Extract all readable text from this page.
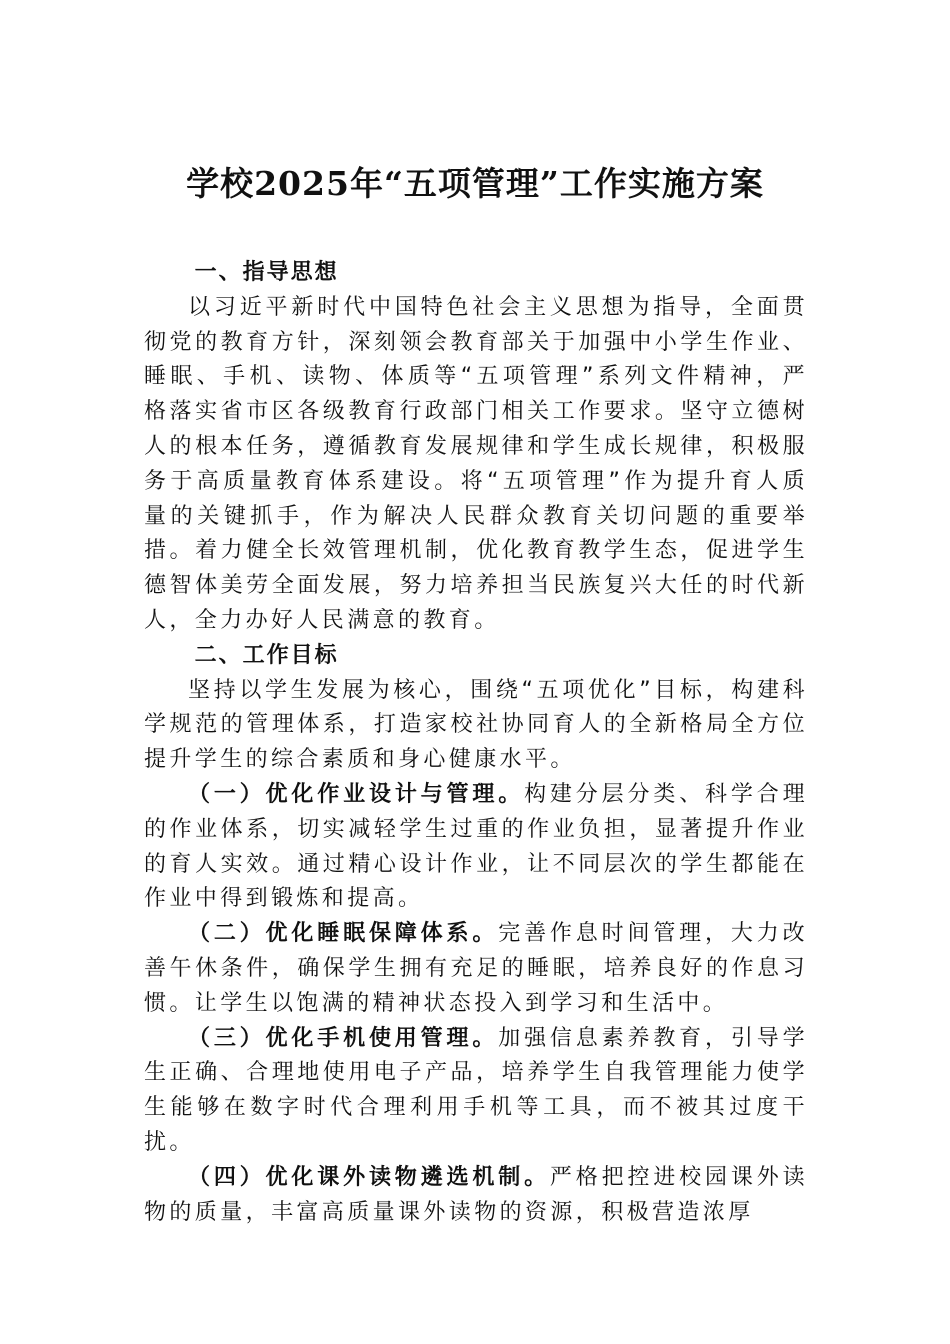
学校2025年“五项管理”工作实施方案

一、指导思想

以习近平新时代中国特色社会主义思想为指导，全面贯彻党的教育方针，深刻领会教育部关于加强中小学生作业、睡眠、手机、读物、体质等“五项管理”系列文件精神，严格落实省市区各级教育行政部门相关工作要求。坚守立德树人的根本任务，遵循教育发展规律和学生成长规律，积极服务于高质量教育体系建设。将“五项管理”作为提升育人质量的关键抓手，作为解决人民群众教育关切问题的重要举措。着力健全长效管理机制，优化教育教学生态，促进学生德智体美劳全面发展，努力培养担当民族复兴大任的时代新人，全力办好人民满意的教育。

二、工作目标

坚持以学生发展为核心，围绕“五项优化”目标，构建科学规范的管理体系，打造家校社协同育人的全新格局全方位提升学生的综合素质和身心健康水平。

（一）优化作业设计与管理。构建分层分类、科学合理的作业体系，切实减轻学生过重的作业负担，显著提升作业的育人实效。通过精心设计作业，让不同层次的学生都能在作业中得到锻炼和提高。

（二）优化睡眠保障体系。完善作息时间管理，大力改善午休条件，确保学生拥有充足的睡眠，培养良好的作息习惯。让学生以饱满的精神状态投入到学习和生活中。

（三）优化手机使用管理。加强信息素养教育，引导学生正确、合理地使用电子产品，培养学生自我管理能力使学生能够在数字时代合理利用手机等工具，而不被其过度干扰。

（四）优化课外读物遴选机制。严格把控进校园课外读物的质量，丰富高质量课外读物的资源，积极营造浓厚
